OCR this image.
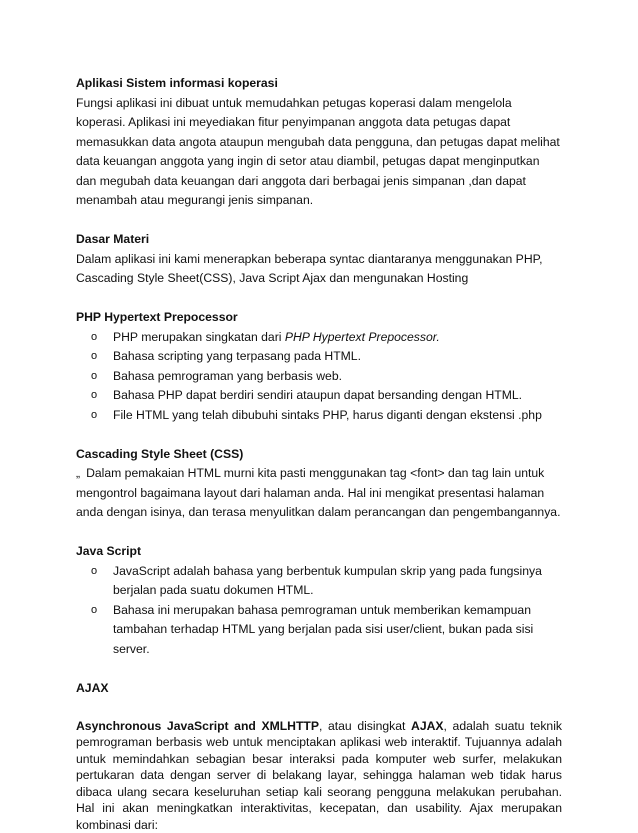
Aplikasi Sistem informasi koperasi
Fungsi aplikasi ini dibuat untuk memudahkan petugas koperasi dalam mengelola koperasi. Aplikasi ini meyediakan fitur penyimpanan anggota data petugas dapat memasukkan data angota ataupun mengubah data pengguna, dan petugas dapat melihat data keuangan anggota yang ingin di setor atau diambil, petugas dapat menginputkan dan megubah data keuangan dari anggota dari berbagai jenis simpanan ,dan dapat menambah atau megurangi jenis simpanan.
Dasar Materi
Dalam aplikasi ini kami menerapkan beberapa syntac diantaranya menggunakan PHP, Cascading Style Sheet(CSS), Java Script Ajax dan mengunakan Hosting
PHP Hypertext Prepocessor
o PHP merupakan singkatan dari PHP Hypertext Prepocessor.
o Bahasa scripting yang terpasang pada HTML.
o Bahasa pemrograman yang berbasis web.
o Bahasa PHP dapat berdiri sendiri ataupun dapat bersanding dengan HTML.
o File HTML yang telah dibubuhi sintaks PHP, harus diganti dengan ekstensi .php
Cascading Style Sheet (CSS)
„ Dalam pemakaian HTML murni kita pasti menggunakan tag <font> dan tag lain untuk mengontrol bagaimana layout dari halaman anda. Hal ini mengikat presentasi halaman anda dengan isinya, dan terasa menyulitkan dalam perancangan dan pengembangannya.
Java Script
o JavaScript adalah bahasa yang berbentuk kumpulan skrip yang pada fungsinya berjalan pada suatu dokumen HTML.
o Bahasa ini merupakan bahasa pemrograman untuk memberikan kemampuan tambahan terhadap HTML yang berjalan pada sisi user/client, bukan pada sisi server.
AJAX
Asynchronous JavaScript and XMLHTTP, atau disingkat AJAX, adalah suatu teknik pemrograman berbasis web untuk menciptakan aplikasi web interaktif. Tujuannya adalah untuk memindahkan sebagian besar interaksi pada komputer web surfer, melakukan pertukaran data dengan server di belakang layar, sehingga halaman web tidak harus dibaca ulang secara keseluruhan setiap kali seorang pengguna melakukan perubahan. Hal ini akan meningkatkan interaktivitas, kecepatan, dan usability. Ajax merupakan kombinasi dari:
